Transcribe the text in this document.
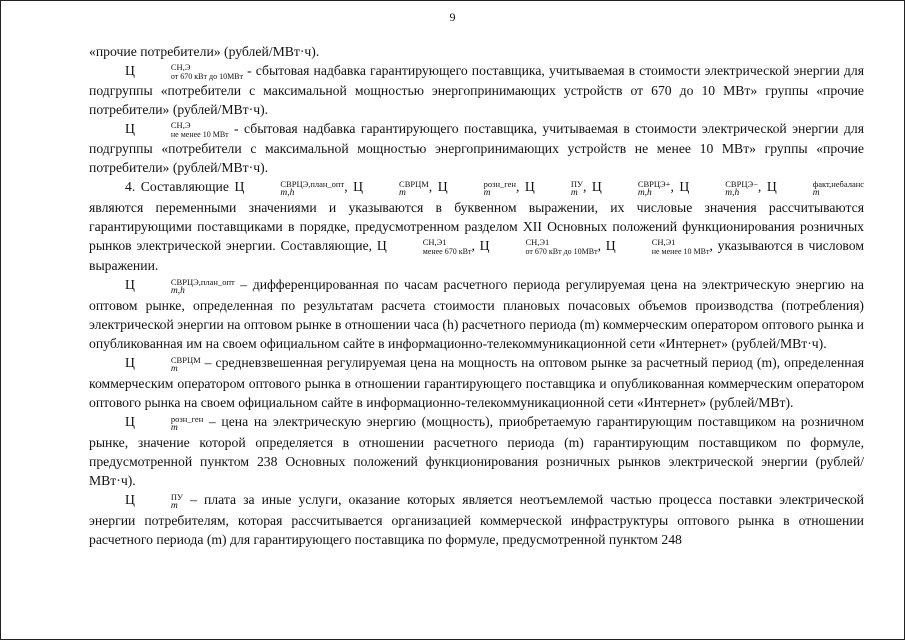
9

«прочие потребители» (рублей/МВт·ч).

Ц	СН,Э
от 670 кВт до 10МВт - сбытовая надбавка гарантирующего поставщика, учитываемая в стоимости электрической энергии для подгруппы «потребители с максимальной мощностью энергопринимающих устройств от 670 до 10 МВт» группы «прочие потребители» (рублей/МВт·ч).

Ц	СН,Э
не менее 10 МВт - сбытовая надбавка гарантирующего поставщика, учитываемая в стоимости электрической энергии для подгруппы «потребители с максимальной мощностью энергопринимающих устройств не менее 10 МВт» группы «прочие потребители» (рублей/МВт·ч).

4. Составляющие Ц	СВРЦЭ,план_опт
m,h	, Ц	СВРЦМ
m	, Ц	розн_ген
m	, Ц	ПУ
m , Ц	СВРЦЭ+
m,h	, Ц	СВРЦЭ−
m,h	, Ц	факт,небаланс
m
являются переменными значениями и указываются в буквенном выражении, их числовые значения рассчитываются гарантирующими поставщиками в порядке, предусмотренном разделом XII Основных положений функционирования розничных рынков электрической энергии. Составляющие, Ц	СН,Э1
менее 670 кВт , Ц	СН,Э1
от 670 кВт до 10МВт , Ц	СН,Э1
не менее 10 МВт , указываются в числовом выражении.

Ц	СВРЦЭ,план_опт
m,h	– дифференцированная по часам расчетного периода регулируемая цена на электрическую энергию на оптовом рынке, определенная по результатам расчета стоимости плановых почасовых объемов производства (потребления) электрической энергии на оптовом рынке в отношении часа (h) расчетного периода (m) коммерческим оператором оптового рынка и опубликованная им на своем официальном сайте в информационно-телекоммуникационной сети «Интернет» (рублей/МВт·ч).

Ц	СВРЦМ
m	– средневзвешенная регулируемая цена на мощность на оптовом рынке за расчетный период (m), определенная коммерческим оператором оптового рынка в отношении гарантирующего поставщика и опубликованная коммерческим оператором оптового рынка на своем официальном сайте в информационно-телекоммуникационной сети «Интернет» (рублей/МВт).

Ц	розн_ген
m	– цена на электрическую энергию (мощность), приобретаемую гарантирующим поставщиком на розничном рынке, значение которой определяется в отношении расчетного периода (m) гарантирующим поставщиком по формуле, предусмотренной пунктом 238 Основных положений функционирования розничных рынков электрической энергии (рублей/МВт·ч).

Ц	ПУ
m – плата за иные услуги, оказание которых является неотъемлемой частью процесса поставки электрической энергии потребителям, которая рассчитывается организацией коммерческой инфраструктуры оптового рынка в отношении расчетного периода (m) для гарантирующего поставщика по формуле, предусмотренной пунктом 248
